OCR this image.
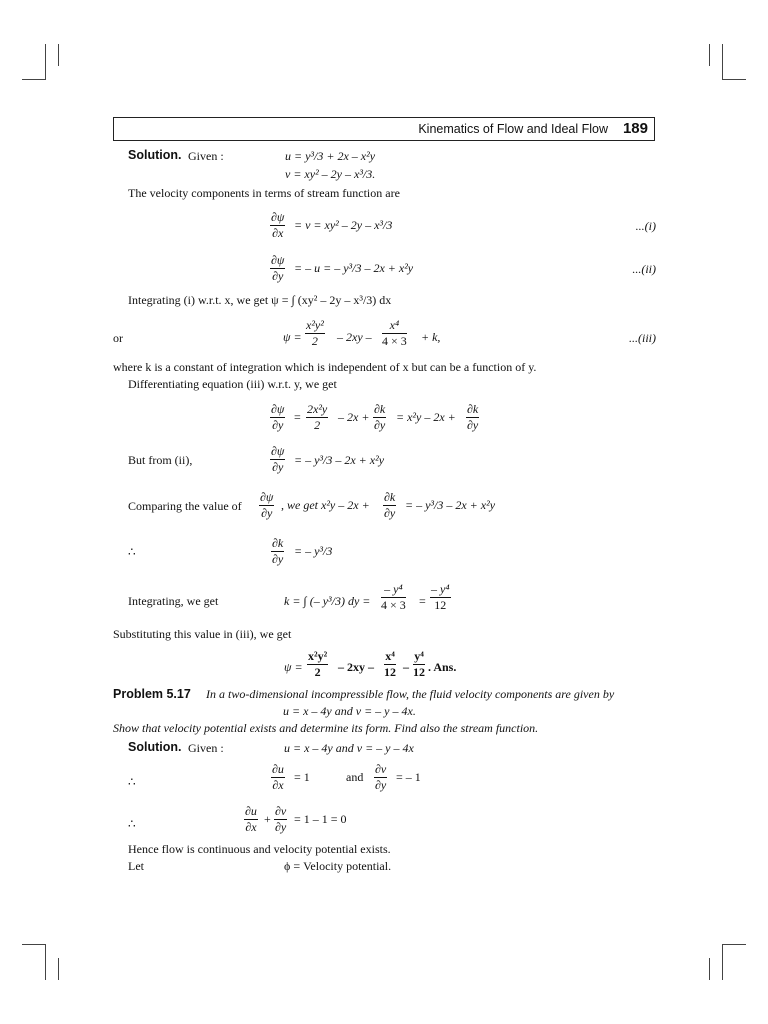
Kinematics of Flow and Ideal Flow 189
Solution. Given :	u = y³/3 + 2x – x²y
v = xy² – 2y – x³/3.
The velocity components in terms of stream function are
$\frac{\partial\psi}{\partial x} = v = xy^2 - 2y - x^3/3$	...(i)
$\frac{\partial\psi}{\partial y}$ = – u = – y³/3 – 2x + x²y	...(ii)
Integrating (i) w.r.t. x, we get ψ = ∫ (xy² – 2y – x³/3) dx
or	$\psi = \frac{\text{x²y²}}{2} - 2xy - \frac{\text{x⁴}}{4 \times 3} + k$,	...(iii)
where k is a constant of integration which is independent of x but can be a function of y.
Differentiating equation (iii) w.r.t. y, we get
$\frac{\partial\psi}{\partial y} = \frac{\text{2x²y}}{2} - 2x + \frac{\partial k}{\partial y} = x^2y - 2x + \frac{\partial k}{\partial y}$
But from (ii),	$\frac{\partial\psi}{\partial y}$ = – y³/3 – 2x + x²y
Comparing the value of $\frac{\partial\psi}{\partial y}$ , we get $x^2y - 2x + \frac{\partial k}{\partial y}$ = – y³/3 – 2x + x²y
∴	$\frac{\partial k}{\partial y}$ = – y³/3
Integrating, we get	k = ∫ (– y³/3) dy = $\frac{\text{– y⁴}}{4 \times 3} = \frac{\text{– y⁴}}{12}$
Substituting this value in (iii), we get
$\psi = \frac{\text{x²y²}}{2} - 2xy - \frac{\text{x⁴}}{12} - \frac{\text{y⁴}}{12}$ . Ans.
Problem 5.17 In a two-dimensional incompressible flow, the fluid velocity components are given by
u = x – 4y and v = – y – 4x.
Show that velocity potential exists and determine its form. Find also the stream function.
Solution. Given :	u = x – 4y and v = – y – 4x
∴	$\frac{\partial u}{\partial x} = 1$	and $\frac{\partial v}{\partial y}$ = – 1
∴	$\frac{\partial u}{\partial x} + \frac{\partial v}{\partial y} = 1 - 1 = 0$
Hence flow is continuous and velocity potential exists.
Let	ϕ = Velocity potential.
